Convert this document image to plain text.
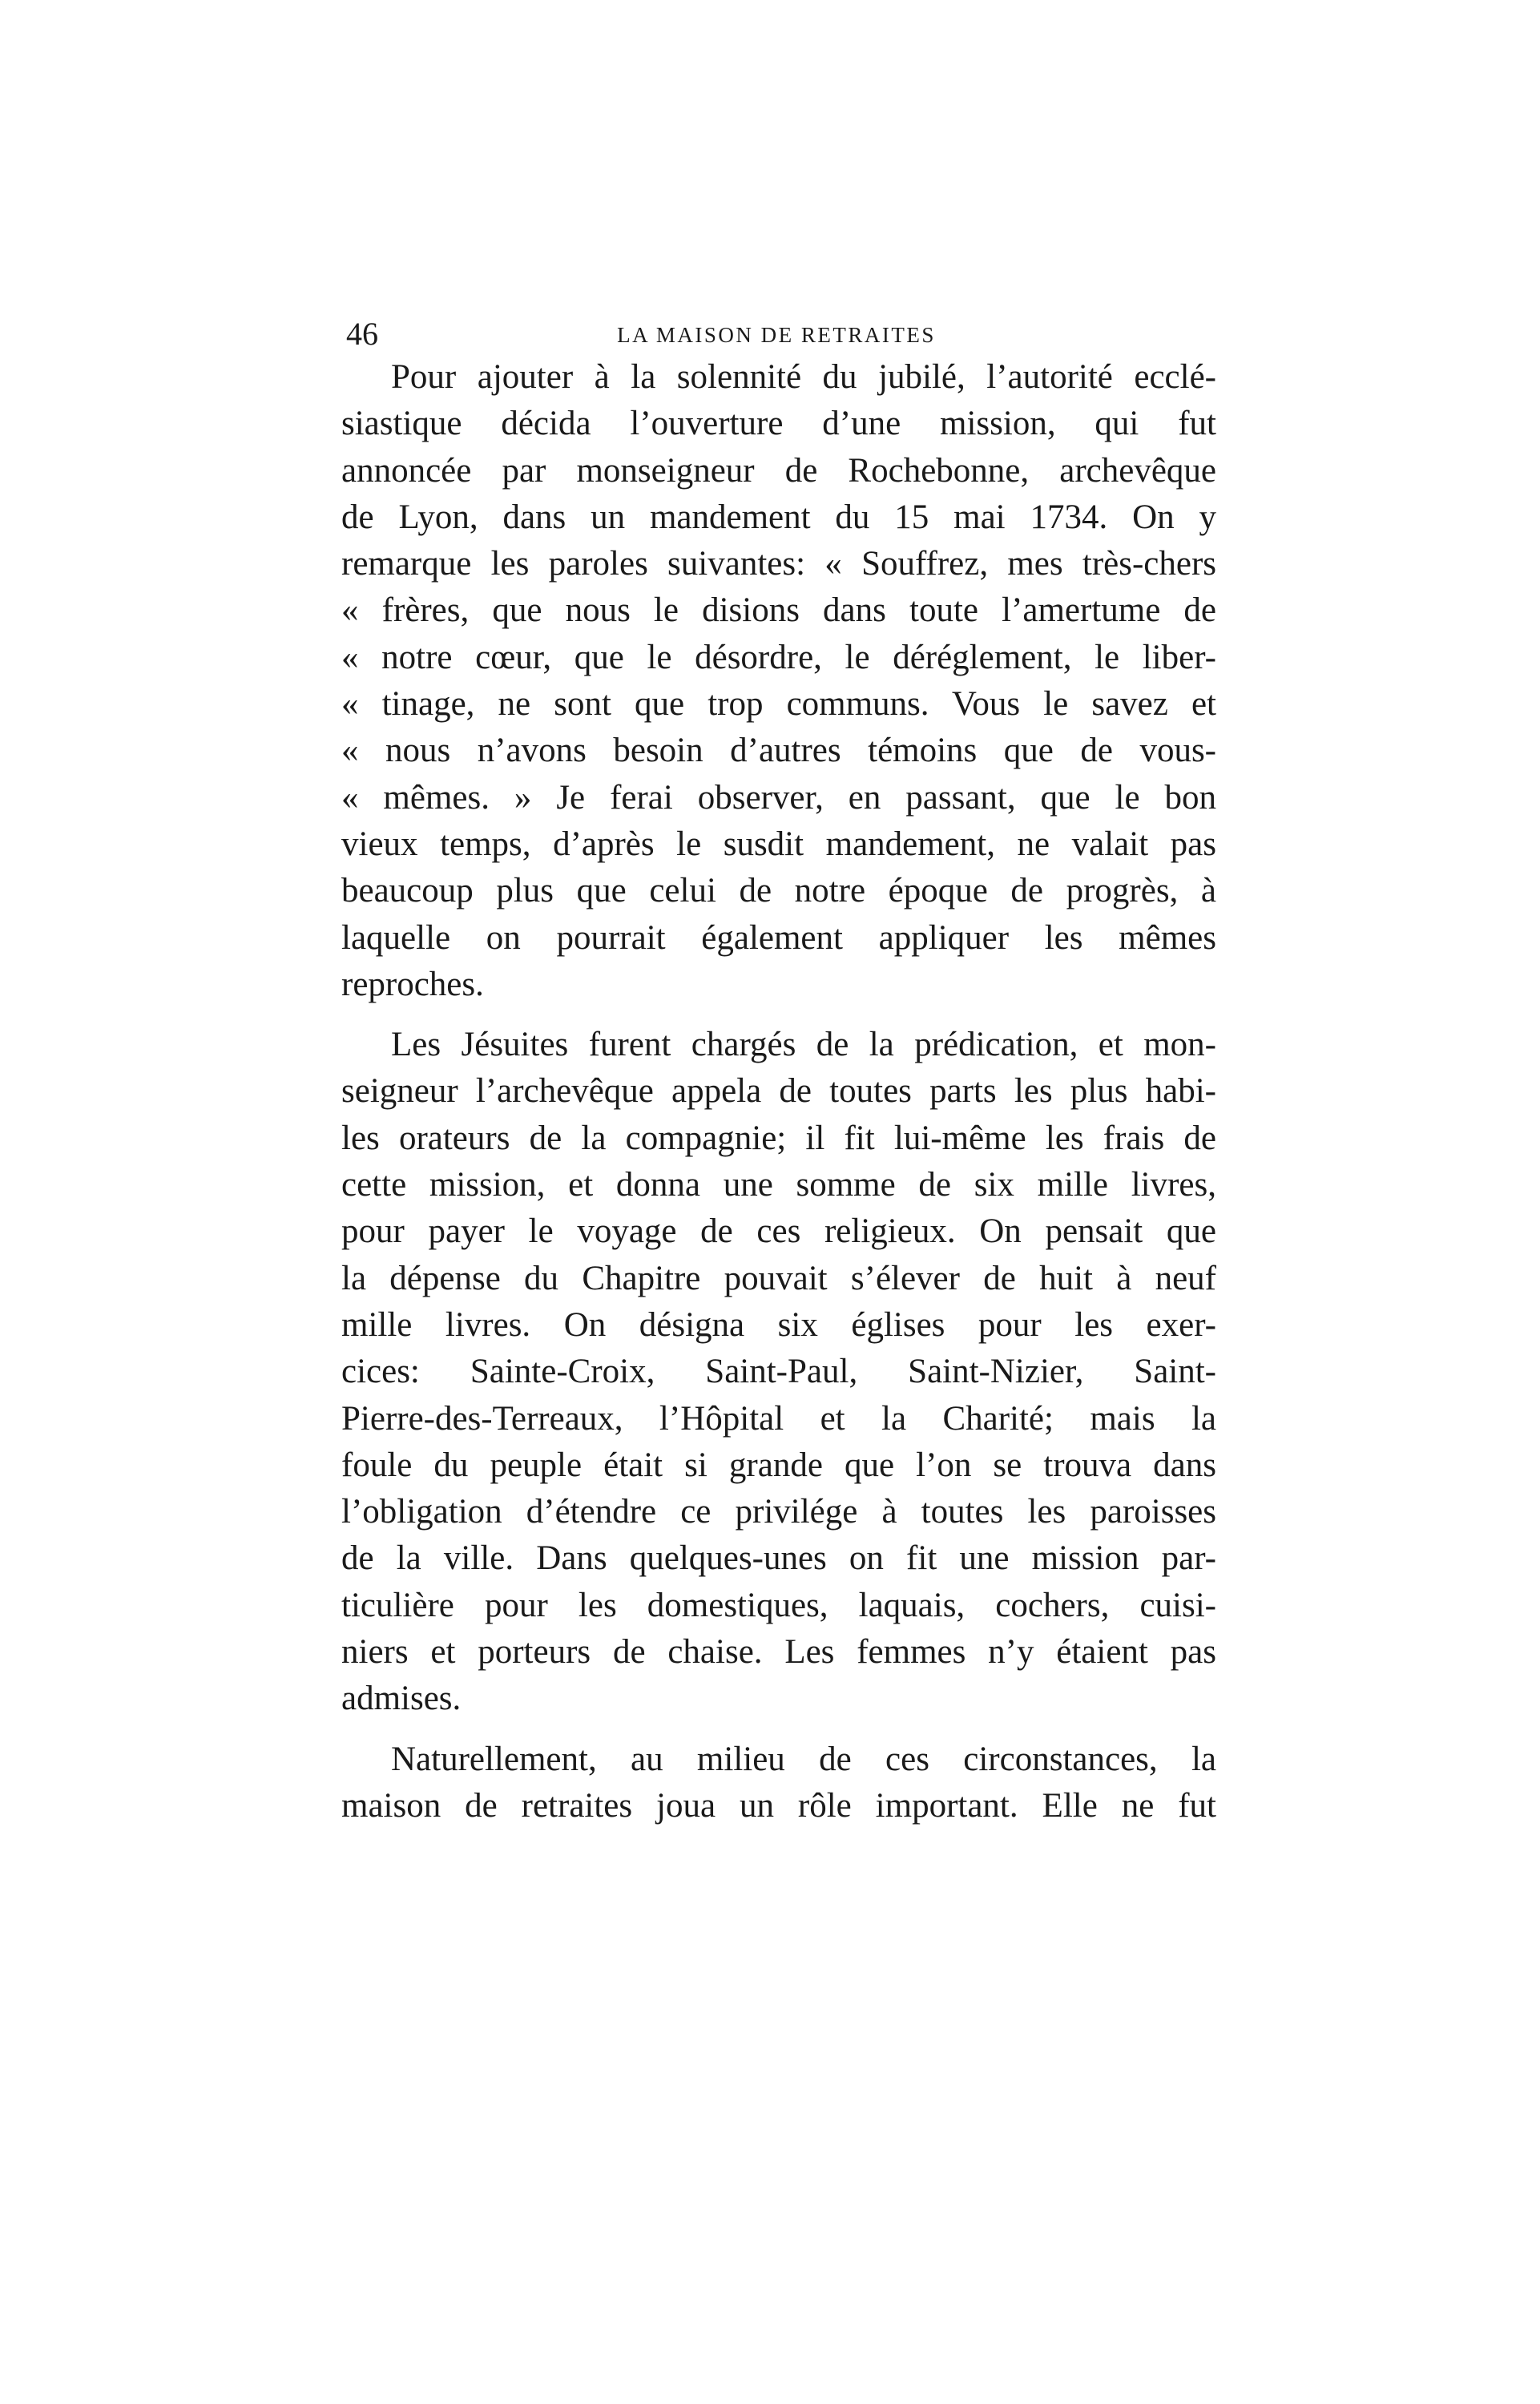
46	LA MAISON DE RETRAITES
Pour ajouter à la solennité du jubilé, l’autorité ecclé-
siastique décida l’ouverture d’une mission, qui fut
annoncée par monseigneur de Rochebonne, archevêque
de Lyon, dans un mandement du 15 mai 1734. On y
remarque les paroles suivantes: « Souffrez, mes très-chers
« frères, que nous le disions dans toute l’amertume de
« notre cœur, que le désordre, le déréglement, le liber-
« tinage, ne sont que trop communs. Vous le savez et
« nous n’avons besoin d’autres témoins que de vous-
« mêmes. » Je ferai observer, en passant, que le bon
vieux temps, d’après le susdit mandement, ne valait pas
beaucoup plus que celui de notre époque de progrès, à
laquelle on pourrait également appliquer les mêmes
reproches.
Les Jésuites furent chargés de la prédication, et mon-
seigneur l’archevêque appela de toutes parts les plus habi-
les orateurs de la compagnie; il fit lui-même les frais de
cette mission, et donna une somme de six mille livres,
pour payer le voyage de ces religieux. On pensait que
la dépense du Chapitre pouvait s’élever de huit à neuf
mille livres. On désigna six églises pour les exer-
cices: Sainte-Croix, Saint-Paul, Saint-Nizier, Saint-
Pierre-des-Terreaux, l’Hôpital et la Charité; mais la
foule du peuple était si grande que l’on se trouva dans
l’obligation d’étendre ce privilége à toutes les paroisses
de la ville. Dans quelques-unes on fit une mission par-
ticulière pour les domestiques, laquais, cochers, cuisi-
niers et porteurs de chaise. Les femmes n’y étaient pas
admises.
Naturellement, au milieu de ces circonstances, la
maison de retraites joua un rôle important. Elle ne fut
